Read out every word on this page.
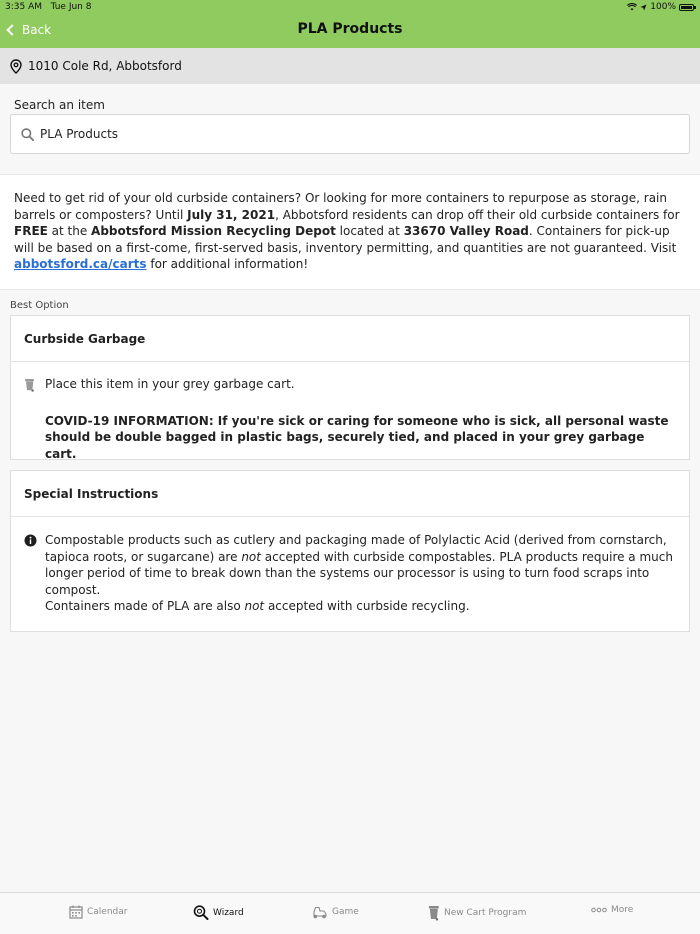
3:35 AM Tue Jun 8	100%
Back	PLA Products
1010 Cole Rd, Abbotsford
Search an item
PLA Products
Need to get rid of your old curbside containers? Or looking for more containers to repurpose as storage, rain barrels or composters? Until July 31, 2021, Abbotsford residents can drop off their old curbside containers for FREE at the Abbotsford Mission Recycling Depot located at 33670 Valley Road. Containers for pick-up will be based on a first-come, first-served basis, inventory permitting, and quantities are not guaranteed. Visit abbotsford.ca/carts for additional information!
Best Option
Curbside Garbage
Place this item in your grey garbage cart.
COVID-19 INFORMATION: If you're sick or caring for someone who is sick, all personal waste should be double bagged in plastic bags, securely tied, and placed in your grey garbage cart.
Special Instructions
Compostable products such as cutlery and packaging made of Polylactic Acid (derived from cornstarch, tapioca roots, or sugarcane) are not accepted with curbside compostables. PLA products require a much longer period of time to break down than the systems our processor is using to turn food scraps into compost.
Containers made of PLA are also not accepted with curbside recycling.
Calendar	Wizard	Game	New Cart Program	More
